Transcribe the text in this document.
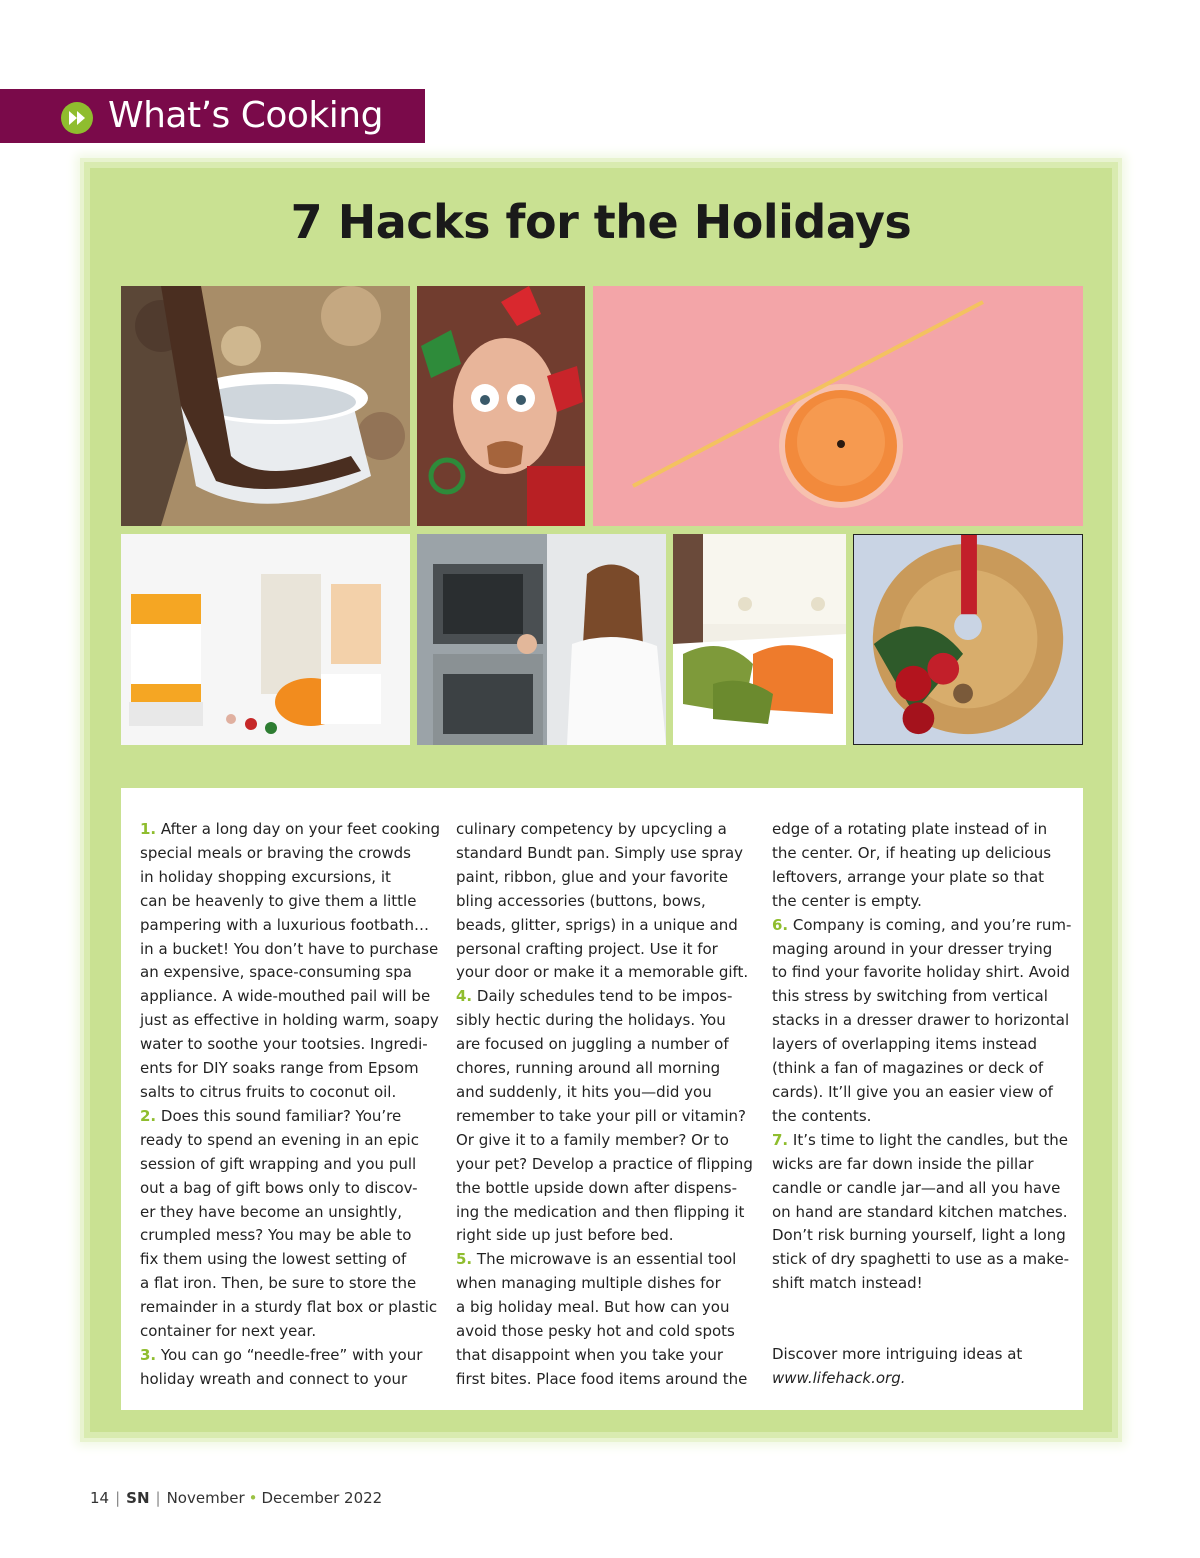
What’s Cooking
7 Hacks for the Holidays

1. After a long day on your feet cooking

special meals or braving the crowds

in holiday shopping excursions, it

can be heavenly to give them a little

pampering with a luxurious footbath…

in a bucket! You don’t have to purchase

an expensive, space-consuming spa

appliance. A wide-mouthed pail will be

just as effective in holding warm, soapy

water to soothe your tootsies. Ingredi-

ents for DIY soaks range from Epsom

salts to citrus fruits to coconut oil.

2. Does this sound familiar? You’re

ready to spend an evening in an epic

session of gift wrapping and you pull

out a bag of gift bows only to discov-

er they have become an unsightly,

crumpled mess? You may be able to

fix them using the lowest setting of

a flat iron. Then, be sure to store the

remainder in a sturdy flat box or plastic

container for next year.

3. You can go “needle-free” with your

holiday wreath and connect to your

culinary competency by upcycling a

standard Bundt pan. Simply use spray

paint, ribbon, glue and your favorite

bling accessories (buttons, bows,

beads, glitter, sprigs) in a unique and

personal crafting project. Use it for

your door or make it a memorable gift.

4. Daily schedules tend to be impos-

sibly hectic during the holidays. You

are focused on juggling a number of

chores, running around all morning

and suddenly, it hits you—did you

remember to take your pill or vitamin?

Or give it to a family member? Or to

your pet? Develop a practice of flipping

the bottle upside down after dispens-

ing the medication and then flipping it

right side up just before bed.

5. The microwave is an essential tool

when managing multiple dishes for

a big holiday meal. But how can you

avoid those pesky hot and cold spots

that disappoint when you take your

first bites. Place food items around the

edge of a rotating plate instead of in

the center. Or, if heating up delicious

leftovers, arrange your plate so that

the center is empty.

6. Company is coming, and you’re rum-

maging around in your dresser trying

to find your favorite holiday shirt. Avoid

this stress by switching from vertical

stacks in a dresser drawer to horizontal

layers of overlapping items instead

(think a fan of magazines or deck of

cards). It’ll give you an easier view of

the contents.

7. It’s time to light the candles, but the

wicks are far down inside the pillar

candle or candle jar—and all you have

on hand are standard kitchen matches.

Don’t risk burning yourself, light a long

stick of dry spaghetti to use as a make-

shift match instead!

Discover more intriguing ideas at

www.lifehack.org.

14 | SN | November • December 2022
